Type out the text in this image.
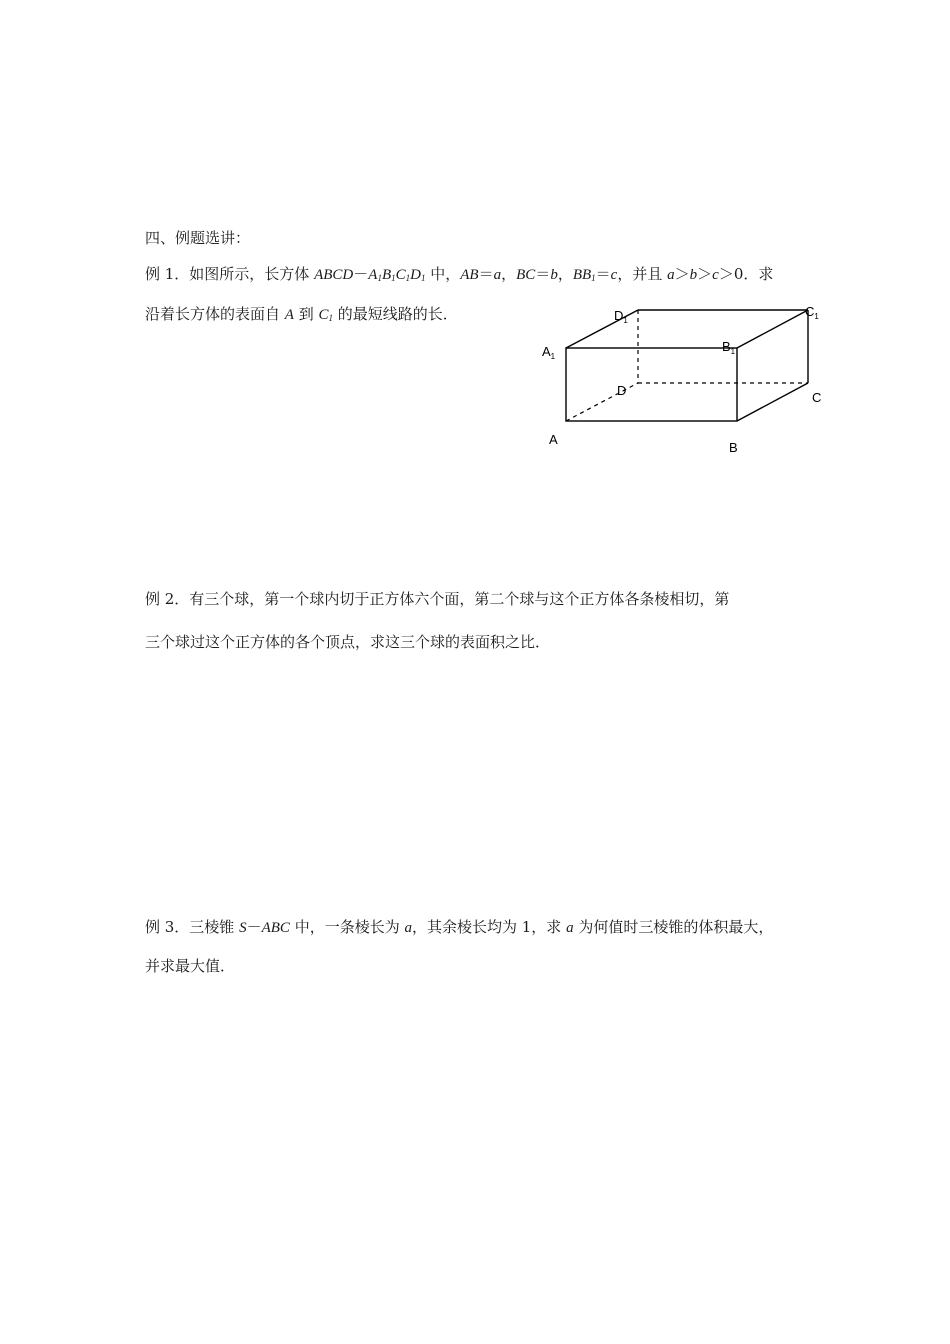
四、例题选讲：
例 1．如图所示，长方体 $ABCD-A_1B_1C_1D_1$ 中，AB＝a，BC＝b，$BB_1=c$，并且 a＞b＞c＞0．求
沿着长方体的表面自 A 到 $C_1$ 的最短线路的长．	$D_1$
$C_1$
$A_1$
$B_1$
D	C
A
B
例 2．有三个球，第一个球内切于正方体六个面，第二个球与这个正方体各条棱相切，第
三个球过这个正方体的各个顶点，求这三个球的表面积之比．
例 3．三棱锥 S－ABC 中，一条棱长为 a，其余棱长均为 1，求 a 为何值时三棱锥的体积最大，
并求最大值．
